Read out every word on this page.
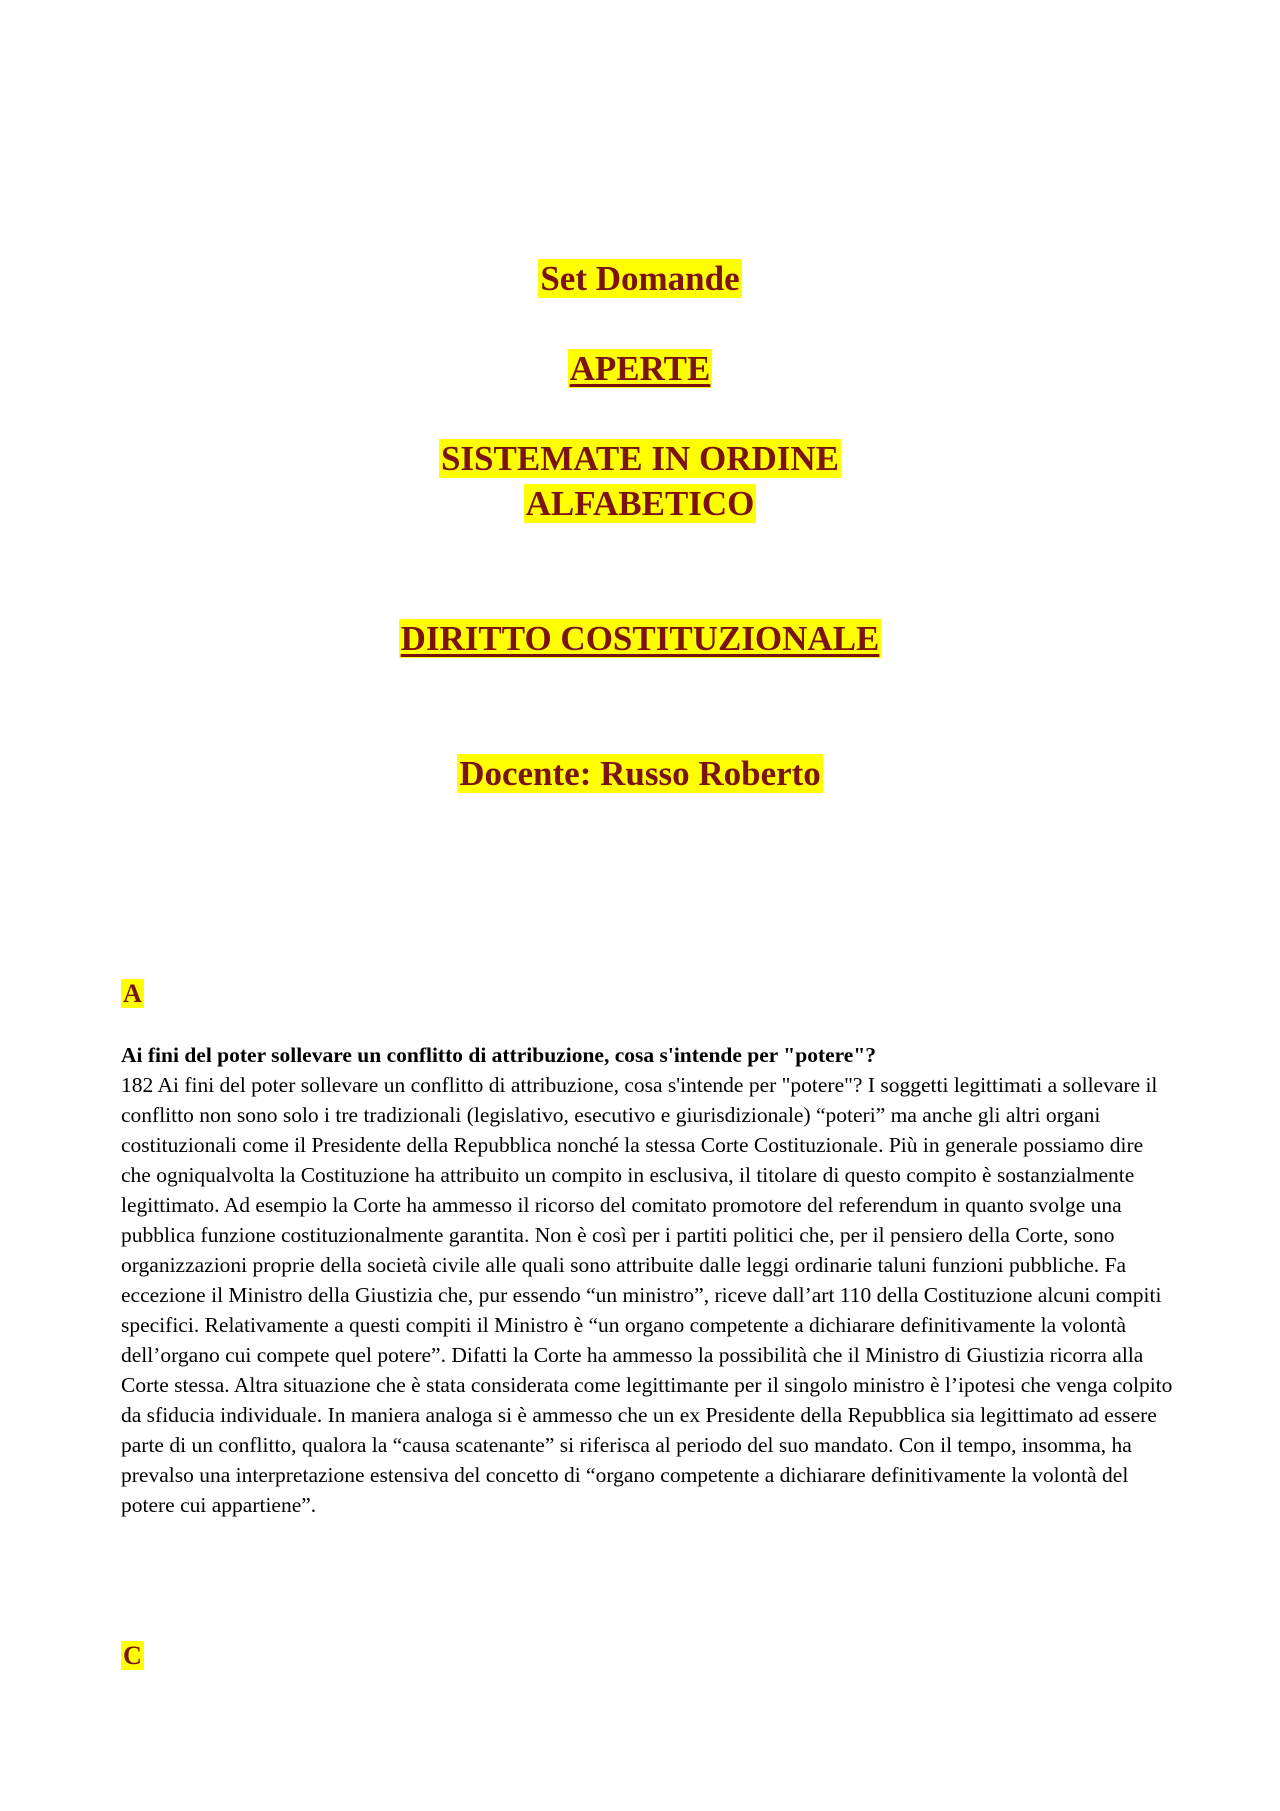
Set Domande
APERTE
SISTEMATE IN ORDINE
ALFABETICO
DIRITTO COSTITUZIONALE
Docente: Russo Roberto
A
Ai fini del poter sollevare un conflitto di attribuzione, cosa s'intende per "potere"?
182 Ai fini del poter sollevare un conflitto di attribuzione, cosa s'intende per "potere"? I soggetti legittimati a sollevare il conflitto non sono solo i tre tradizionali (legislativo, esecutivo e giurisdizionale) “poteri” ma anche gli altri organi costituzionali come il Presidente della Repubblica nonché la stessa Corte Costituzionale. Più in generale possiamo dire che ogniqualvolta la Costituzione ha attribuito un compito in esclusiva, il titolare di questo compito è sostanzialmente legittimato. Ad esempio la Corte ha ammesso il ricorso del comitato promotore del referendum in quanto svolge una pubblica funzione costituzionalmente garantita. Non è così per i partiti politici che, per il pensiero della Corte, sono organizzazioni proprie della società civile alle quali sono attribuite dalle leggi ordinarie taluni funzioni pubbliche. Fa eccezione il Ministro della Giustizia che, pur essendo “un ministro”, riceve dall’art 110 della Costituzione alcuni compiti specifici. Relativamente a questi compiti il Ministro è “un organo competente a dichiarare definitivamente la volontà dell’organo cui compete quel potere”. Difatti la Corte ha ammesso la possibilità che il Ministro di Giustizia ricorra alla Corte stessa. Altra situazione che è stata considerata come legittimante per il singolo ministro è l’ipotesi che venga colpito da sfiducia individuale. In maniera analoga si è ammesso che un ex Presidente della Repubblica sia legittimato ad essere parte di un conflitto, qualora la “causa scatenante” si riferisca al periodo del suo mandato. Con il tempo, insomma, ha prevalso una interpretazione estensiva del concetto di “organo competente a dichiarare definitivamente la volontà del potere cui appartiene”.
C
